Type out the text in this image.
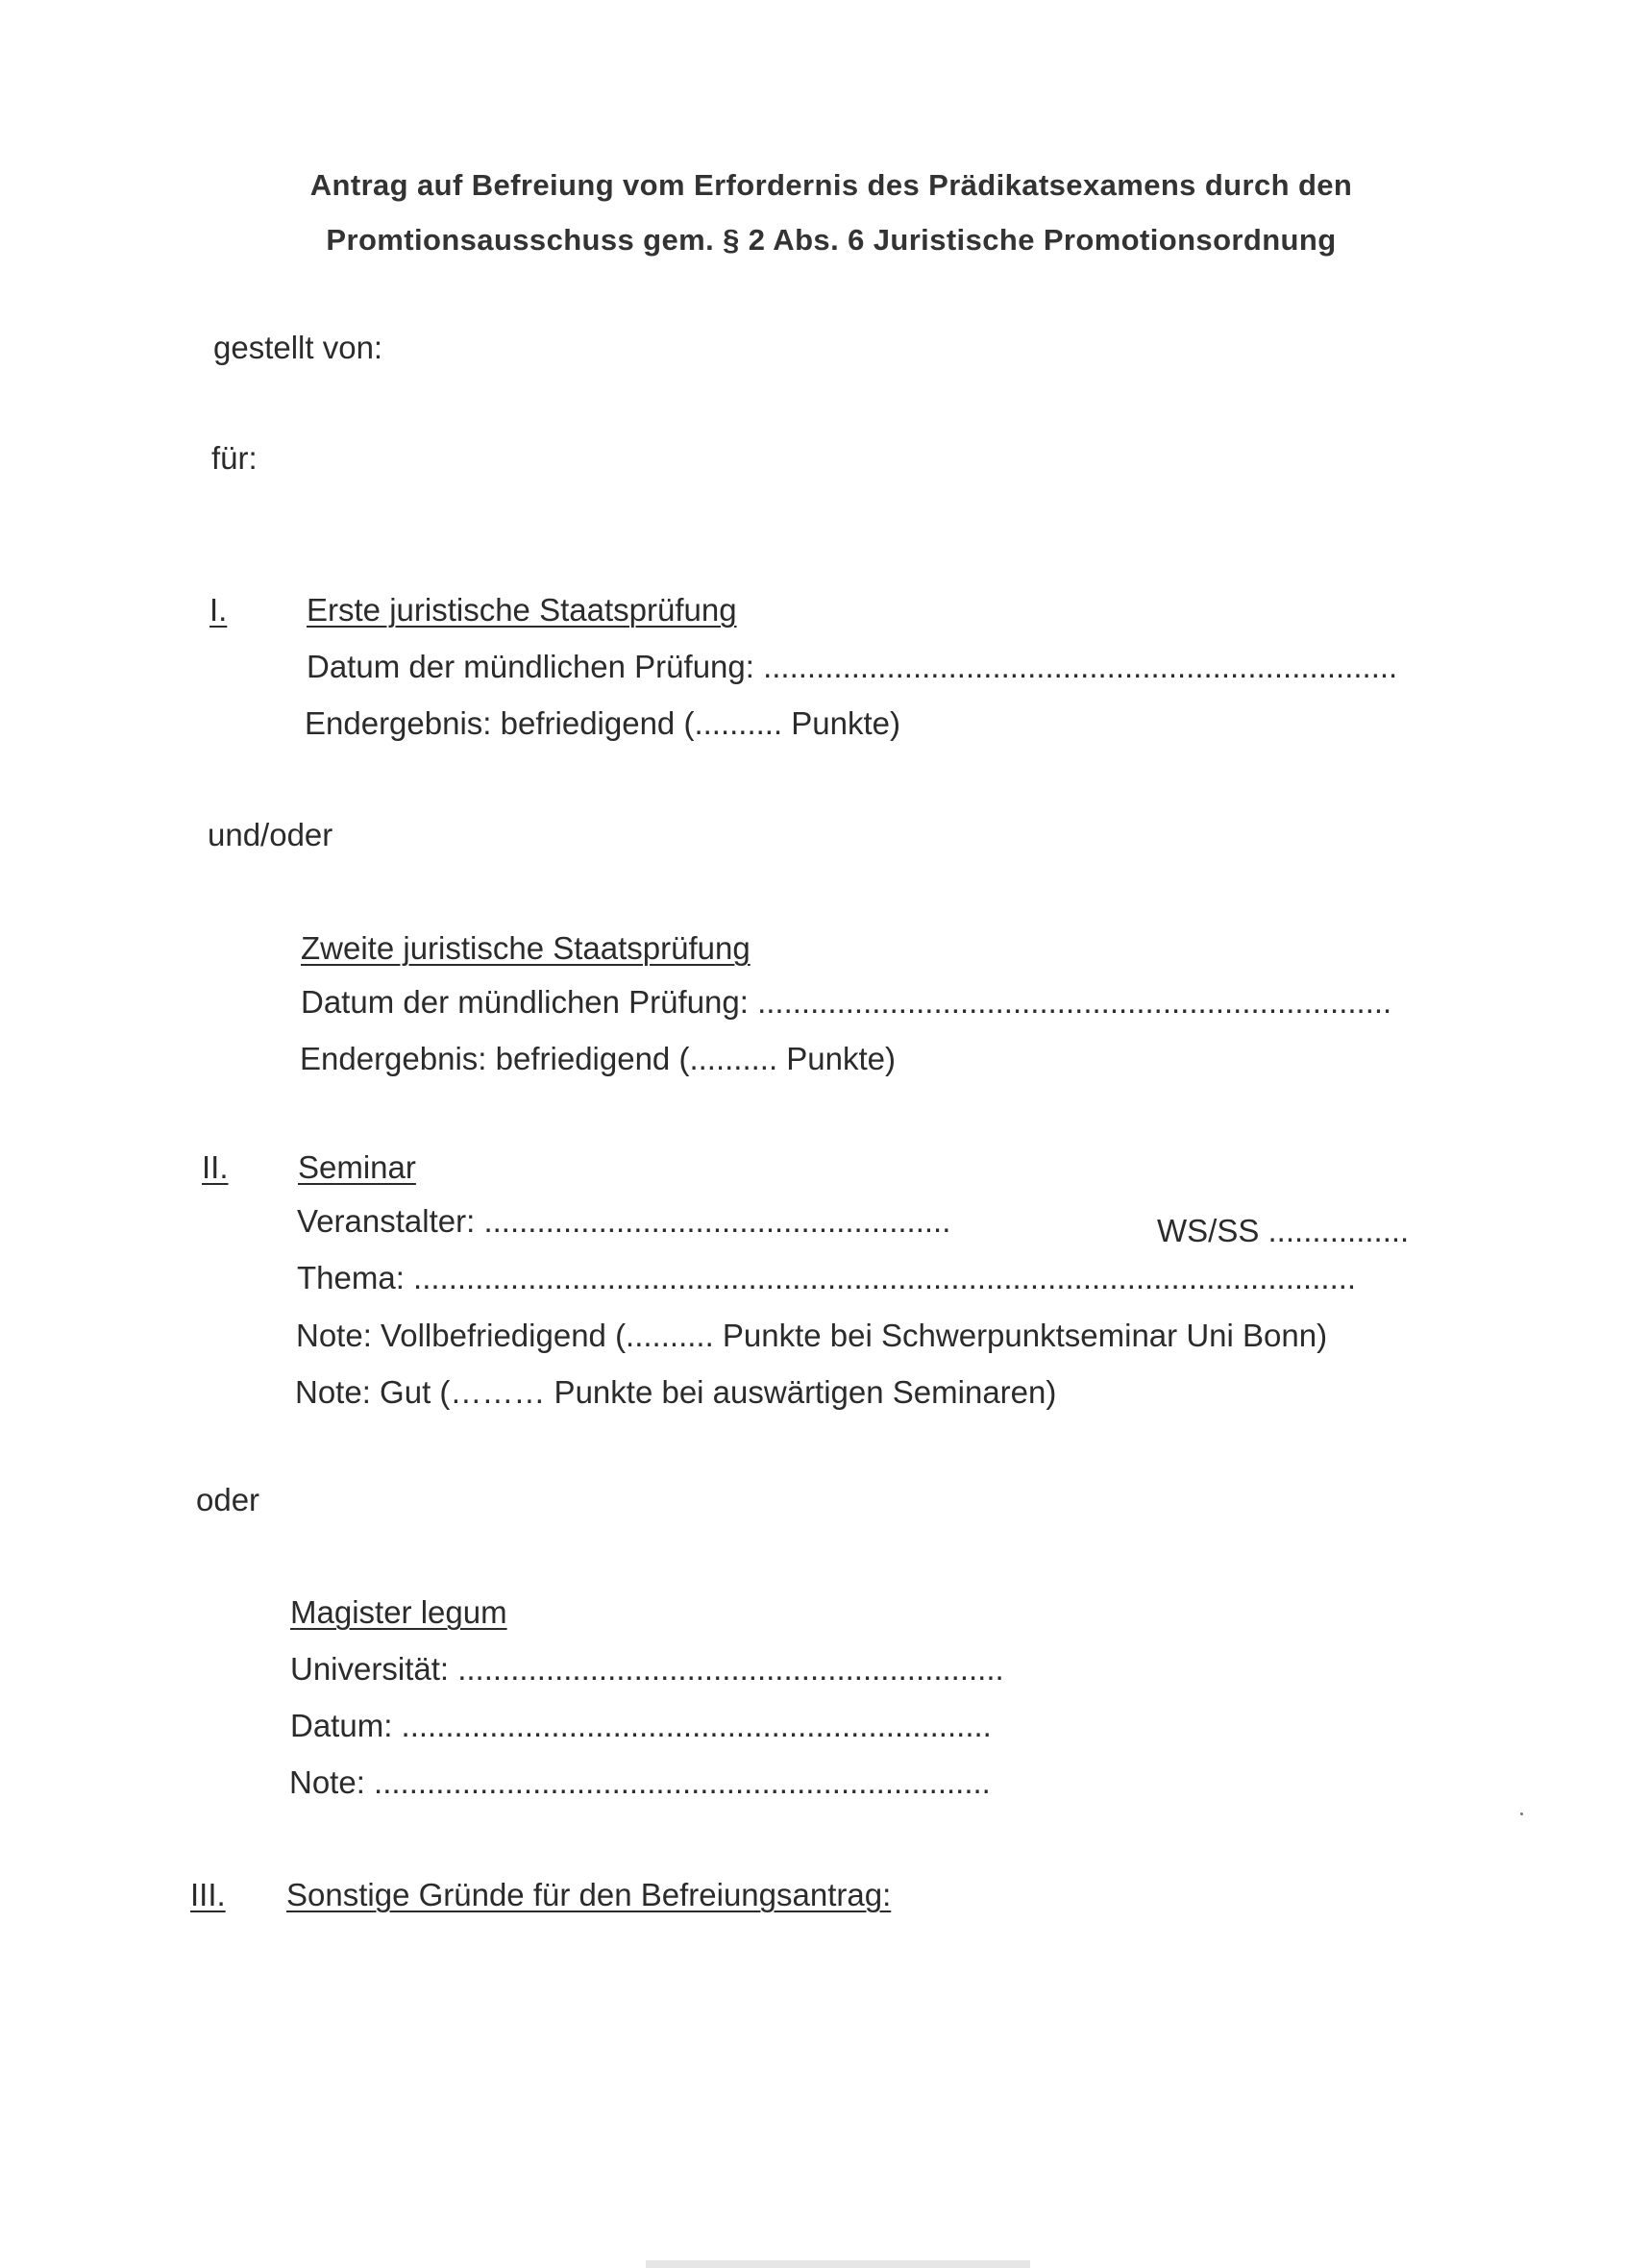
Antrag auf Befreiung vom Erfordernis des Prädikatsexamens durch den
Promtionsausschuss gem. § 2 Abs. 6 Juristische Promotionsordnung
gestellt von:
für:
I.	Erste juristische Staatsprüfung
Datum der mündlichen Prüfung: ........................................................................
Endergebnis: befriedigend (.......... Punkte)
und/oder
Zweite juristische Staatsprüfung
Datum der mündlichen Prüfung: ........................................................................
Endergebnis: befriedigend (.......... Punkte)
II.	Seminar
Veranstalter: .....................................................	WS/SS ................
Thema: ...........................................................................................................
Note: Vollbefriedigend (.......... Punkte bei Schwerpunktseminar Uni Bonn)
Note: Gut (……… Punkte bei auswärtigen Seminaren)
oder
Magister legum
Universität: ..............................................................
Datum: ...................................................................
Note: ......................................................................
III.	Sonstige Gründe für den Befreiungsantrag:
